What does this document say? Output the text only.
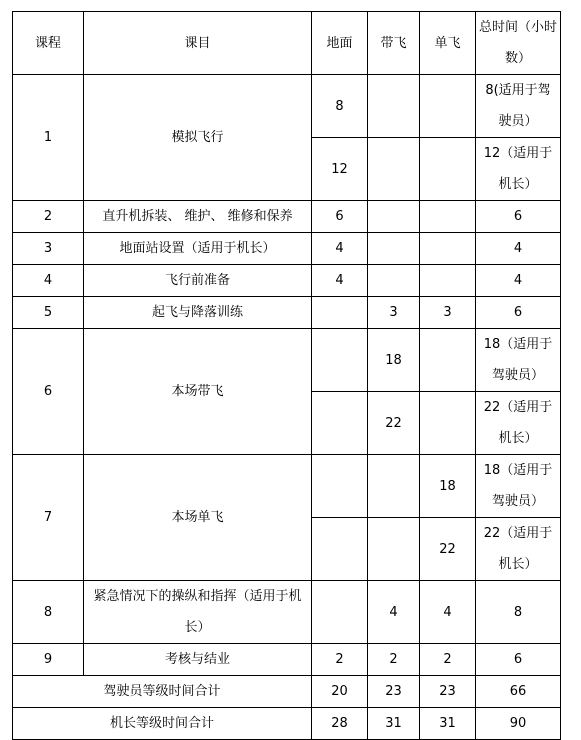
课程	课目	地面	带飞	单飞	总时间（小时数）
1	模拟飞行	8			8(适用于驾驶员）
		12			12（适用于机长）
2	直升机拆装、 维护、 维修和保养	6			6
3	地面站设置（适用于机长）	4			4
4	飞行前准备	4			4
5	起飞与降落训练		3	3	6
6	本场带飞		18		18（适用于驾驶员）
			22		22（适用于机长）
7	本场单飞			18	18（适用于驾驶员）
				22	22（适用于机长）
8	紧急情况下的操纵和指挥（适用于机长）		4	4	8
9	考核与结业	2	2	2	6
驾驶员等级时间合计		20	23	23	66
机长等级时间合计		28	31	31	90
